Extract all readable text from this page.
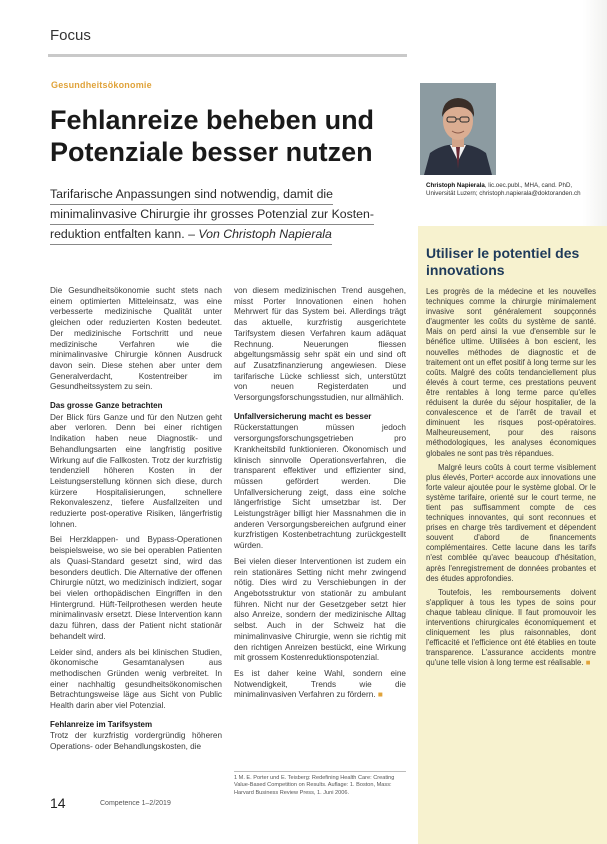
Focus
Gesundheitsökonomie
Fehlanreize beheben und Potenziale besser nutzen
Tarifarische Anpassungen sind notwendig, damit die
minimalinvasive Chirurgie ihr grosses Potenzial zur Kosten-
reduktion entfalten kann. – Von Christoph Napierala

Die Gesundheitsökonomie sucht stets nach einem optimierten Mitteleinsatz, was eine verbesserte medizinische Qualität unter gleichen oder reduzierten Kosten bedeutet. Der medizinische Fortschritt und neue medizinische Verfahren wie die minimalinvasive Chirurgie können Ausdruck davon sein. Diese stehen aber unter dem Generalverdacht, Kostentreiber im Gesundheitssystem zu sein.

Das grosse Ganze betrachten

Der Blick fürs Ganze und für den Nutzen geht aber verloren. Denn bei einer richtigen Indikation haben neue Diagnostik- und Behandlungsarten eine langfristig positive Wirkung auf die Fallkosten. Trotz der kurzfristig tendenziell höheren Kosten in der Leistungserstellung können sich diese, durch kürzere Hospitalisierungen, schnellere Rekonvaleszenz, tiefere Ausfallzeiten und reduzierte post-operative Risiken, längerfristig lohnen.

Bei Herzklappen- und Bypass-Operationen beispielsweise, wo sie bei operablen Patienten als Quasi-Standard gesetzt sind, wird das besonders deutlich. Die Alternative der offenen Chirurgie nützt, wo medizinisch indiziert, sogar bei vielen orthopädischen Eingriffen in den Hintergrund. Hüft-Teilprothesen werden heute minimalinvasiv ersetzt. Diese Intervention kann dazu führen, dass der Patient nicht stationär behandelt wird.

Leider sind, anders als bei klinischen Studien, ökonomische Gesamtanalysen aus methodischen Gründen wenig verbreitet. In einer nachhaltig gesundheitsökonomischen Betrachtungsweise läge aus Sicht von Public Health darin aber viel Potenzial.

Fehlanreize im Tarifsystem

Trotz der kurzfristig vordergründig höheren Operations- oder Behandlungskosten, die

von diesem medizinischen Trend ausgehen, misst Porter Innovationen einen hohen Mehrwert für das System bei. Allerdings trägt das aktuelle, kurzfristig ausgerichtete Tarifsystem diesen Verfahren kaum adäquat Rechnung. Neuerungen fliessen abgeltungsmässig sehr spät ein und sind oft auf Zusatzfinanzierung angewiesen. Diese tarifarische Lücke schliesst sich, unterstützt von neuen Registerdaten und Versorgungsforschungsstudien, nur allmählich.

Unfallversicherung macht es besser

Rückerstattungen müssen jedoch versorgungsforschungsgetrieben pro Krankheitsbild funktionieren. Ökonomisch und klinisch sinnvolle Operationsverfahren, die transparent effektiver und effizienter sind, müssen gefördert werden. Die Unfallversicherung zeigt, dass eine solche längerfristige Sicht umsetzbar ist. Der Leistungsträger billigt hier Massnahmen die in anderen Versorgungsbereichen aufgrund einer kurzfristigen Kostenbetrachtung zurückgestellt würden.

Bei vielen dieser Interventionen ist zudem ein rein stationäres Setting nicht mehr zwingend nötig. Dies wird zu Verschiebungen in der Angebotsstruktur von stationär zu ambulant führen. Nicht nur der Gesetzgeber setzt hier also Anreize, sondern der medizinische Alltag selbst. Auch in der Schweiz hat die minimalinvasive Chirurgie, wenn sie richtig mit den richtigen Anreizen bestückt, eine Wirkung mit grossem Kostenreduktionspotenzial.

Es ist daher keine Wahl, sondern eine Notwendigkeit, Trends wie die minimalinvasiven Verfahren zu fördern. ■

1 M. E. Porter und E. Teisberg: Redefining Health Care: Creating Value-Based Competition on Results. Auflage: 1. Boston, Mass: Harvard Business Review Press, 1. Juni 2006.
14	Competence 1–2/2019
Christoph Napierala, lic.oec.publ., MHA, cand. PhD, Universität Luzern; christoph.napierala@doktoranden.ch
Utiliser le potentiel des innovations

Les progrès de la médecine et les nouvelles techniques comme la chirurgie minimalement invasive sont généralement soupçonnés d'augmenter les coûts du système de santé. Mais on perd ainsi la vue d'ensemble sur le bénéfice ultime. Utilisées à bon escient, les nouvelles méthodes de diagnostic et de traitement ont un effet positif à long terme sur les coûts. Malgré des coûts tendanciellement plus élevés à court terme, ces prestations peuvent être rentables à long terme parce qu'elles réduisent la durée du séjour hospitalier, de la convalescence et de l'arrêt de travail et diminuent les risques post-opératoires. Malheureusement, pour des raisons méthodologiques, les analyses économiques globales ne sont pas très répandues.

Malgré leurs coûts à court terme visiblement plus élevés, Porter¹ accorde aux innovations une forte valeur ajoutée pour le système global. Or le système tarifaire, orienté sur le court terme, ne tient pas suffisamment compte de ces techniques innovantes, qui sont reconnues et prises en charge très tardivement et dépendent souvent d'abord de financements complémentaires. Cette lacune dans les tarifs n'est comblée qu'avec beaucoup d'hésitation, après l'enregistrement de données probantes et des études approfondies.

Toutefois, les remboursements doivent s'appliquer à tous les types de soins pour chaque tableau clinique. Il faut promouvoir les interventions chirurgicales économiquement et cliniquement les plus raisonnables, dont l'efficacité et l'efficience ont été établies en toute transparence. L'assurance accidents montre qu'une telle vision à long terme est réalisable. ■
